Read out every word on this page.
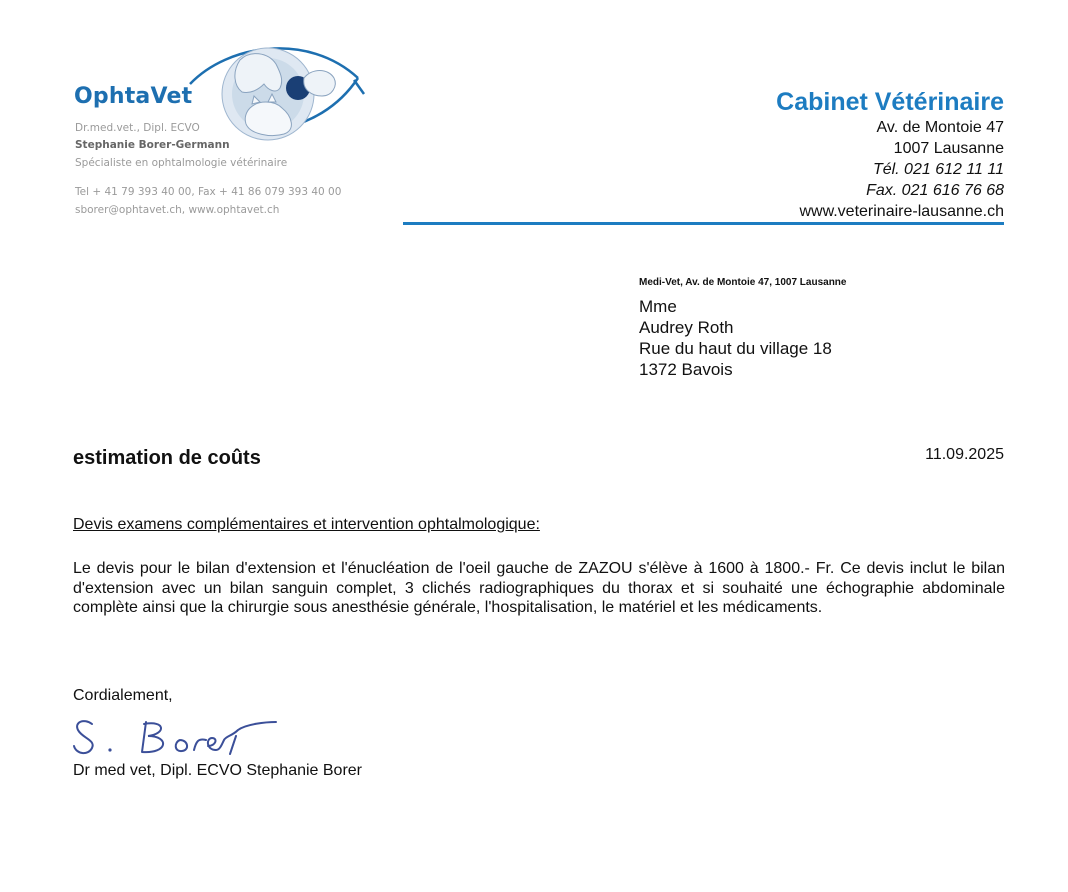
OphtaVet
Dr.med.vet., Dipl. ECVO
Stephanie Borer-Germann
Spécialiste en ophtalmologie vétérinaire
Tel + 41 79 393 40 00, Fax + 41 86 079 393 40 00
sborer@ophtavet.ch, www.ophtavet.ch
Cabinet Vétérinaire
Av. de Montoie 47
1007 Lausanne
Tél. 021 612 11 11
Fax. 021 616 76 68
www.veterinaire-lausanne.ch
Medi-Vet, Av. de Montoie 47, 1007 Lausanne
Mme
Audrey Roth
Rue du haut du village 18
1372 Bavois
estimation de coûts	11.09.2025
Devis examens complémentaires et intervention ophtalmologique:
Le devis pour le bilan d'extension et l'énucléation de l'oeil gauche de ZAZOU s'élève à 1600 à 1800.- Fr. Ce devis inclut le bilan d'extension avec un bilan sanguin complet, 3 clichés radiographiques du thorax et si souhaité une échographie abdominale complète ainsi que la chirurgie sous anesthésie générale, l'hospitalisation, le matériel et les médicaments.
Cordialement,
Dr med vet, Dipl. ECVO Stephanie Borer
